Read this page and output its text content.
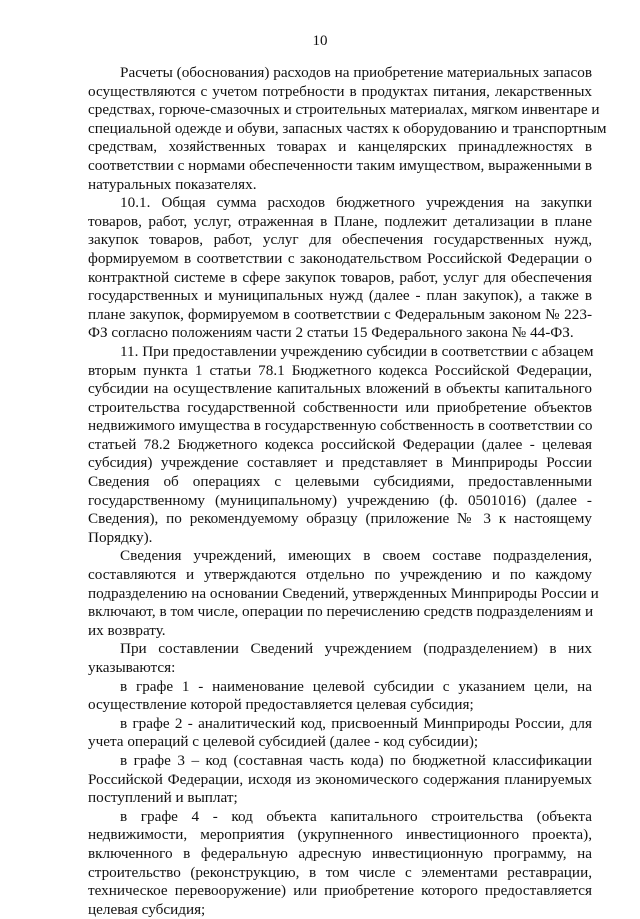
10
Расчеты (обоснования) расходов на приобретение материальных запасов
осуществляются с учетом потребности в продуктах питания, лекарственных
средствах, горюче-смазочных и строительных материалах, мягком инвентаре и
специальной одежде и обуви, запасных частях к оборудованию и транспортным
средствам, хозяйственных товарах и канцелярских принадлежностях в
соответствии с нормами обеспеченности таким имуществом, выраженными в
натуральных показателях.
10.1. Общая сумма расходов бюджетного учреждения на закупки
товаров, работ, услуг, отраженная в Плане, подлежит детализации в плане
закупок товаров, работ, услуг для обеспечения государственных нужд,
формируемом в соответствии с законодательством Российской Федерации о
контрактной системе в сфере закупок товаров, работ, услуг для обеспечения
государственных и муниципальных нужд (далее - план закупок), а также в
плане закупок, формируемом в соответствии с Федеральным законом № 223-
ФЗ согласно положениям части 2 статьи 15 Федерального закона № 44-ФЗ.
11. При предоставлении учреждению субсидии в соответствии с абзацем
вторым пункта 1 статьи 78.1 Бюджетного кодекса Российской Федерации,
субсидии на осуществление капитальных вложений в объекты капитального
строительства государственной собственности или приобретение объектов
недвижимого имущества в государственную собственность в соответствии со
статьей 78.2 Бюджетного кодекса российской Федерации (далее - целевая
субсидия) учреждение составляет и представляет в Минприроды России
Сведения об операциях с целевыми субсидиями, предоставленными
государственному (муниципальному) учреждению (ф. 0501016) (далее -
Сведения), по рекомендуемому образцу (приложение № 3 к настоящему
Порядку).
Сведения учреждений, имеющих в своем составе подразделения,
составляются и утверждаются отдельно по учреждению и по каждому
подразделению на основании Сведений, утвержденных Минприроды России и
включают, в том числе, операции по перечислению средств подразделениям и
их возврату.
При составлении Сведений учреждением (подразделением) в них
указываются:
в графе 1 - наименование целевой субсидии с указанием цели, на
осуществление которой предоставляется целевая субсидия;
в графе 2 - аналитический код, присвоенный Минприроды России, для
учета операций с целевой субсидией (далее - код субсидии);
в графе 3 – код (составная часть кода) по бюджетной классификации
Российской Федерации, исходя из экономического содержания планируемых
поступлений и выплат;
в графе 4 - код объекта капитального строительства (объекта
недвижимости, мероприятия (укрупненного инвестиционного проекта),
включенного в федеральную адресную инвестиционную программу, на
строительство (реконструкцию, в том числе с элементами реставрации,
техническое перевооружение) или приобретение которого предоставляется
целевая субсидия;
